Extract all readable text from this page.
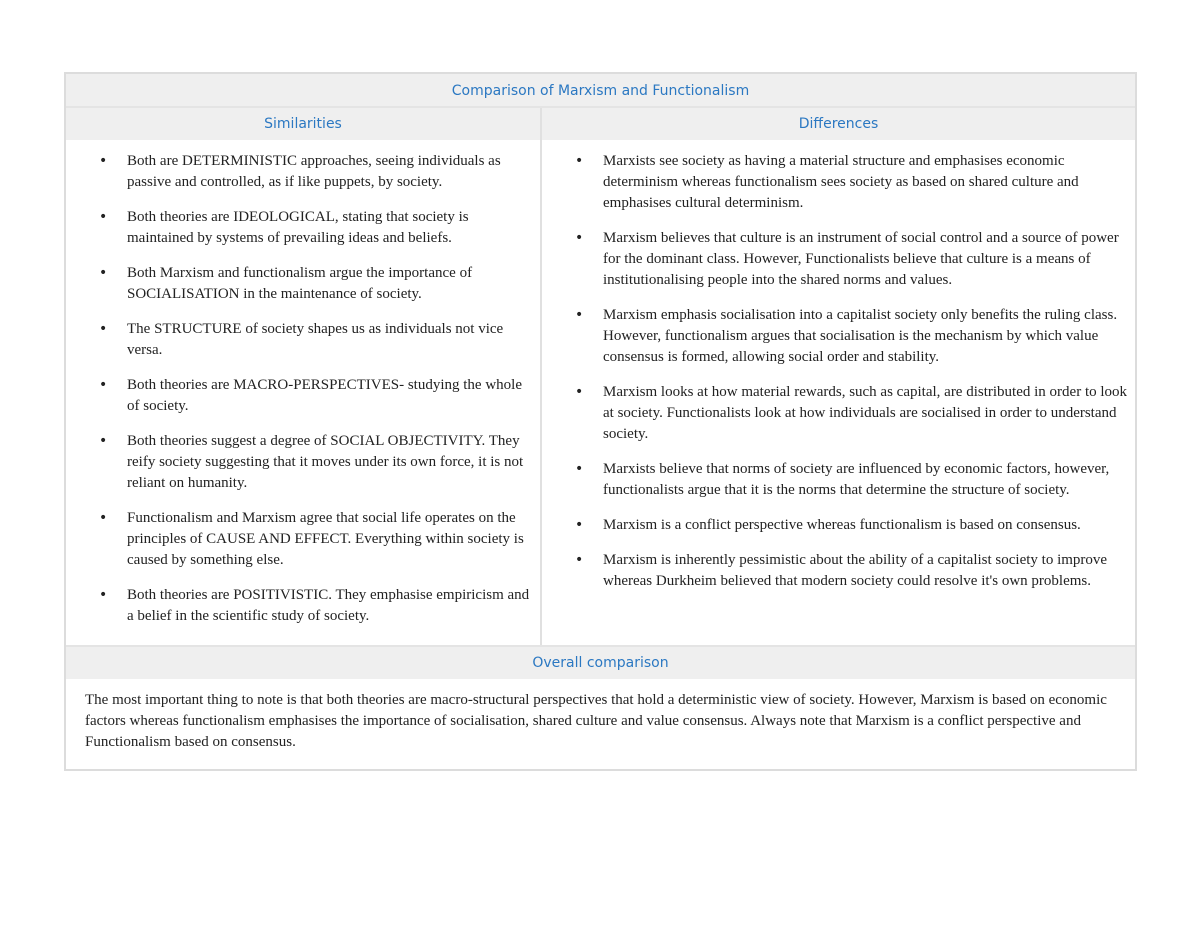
Comparison of Marxism and Functionalism
Similarities
• Both are DETERMINISTIC approaches, seeing individuals as passive and controlled, as if like puppets, by society.
• Both theories are IDEOLOGICAL, stating that society is maintained by systems of prevailing ideas and beliefs.
• Both Marxism and functionalism argue the importance of SOCIALISATION in the maintenance of society.
• The STRUCTURE of society shapes us as individuals not vice versa.
• Both theories are MACRO-PERSPECTIVES- studying the whole of society.
• Both theories suggest a degree of SOCIAL OBJECTIVITY. They reify society suggesting that it moves under its own force, it is not reliant on humanity.
• Functionalism and Marxism agree that social life operates on the principles of CAUSE AND EFFECT. Everything within society is caused by something else.
• Both theories are POSITIVISTIC. They emphasise empiricism and a belief in the scientific study of society.
Differences
• Marxists see society as having a material structure and emphasises economic determinism whereas functionalism sees society as based on shared culture and emphasises cultural determinism.
• Marxism believes that culture is an instrument of social control and a source of power for the dominant class. However, Functionalists believe that culture is a means of institutionalising people into the shared norms and values.
• Marxism emphasis socialisation into a capitalist society only benefits the ruling class. However, functionalism argues that socialisation is the mechanism by which value consensus is formed, allowing social order and stability.
• Marxism looks at how material rewards, such as capital, are distributed in order to look at society. Functionalists look at how individuals are socialised in order to understand society.
• Marxists believe that norms of society are influenced by economic factors, however, functionalists argue that it is the norms that determine the structure of society.
• Marxism is a conflict perspective whereas functionalism is based on consensus.
• Marxism is inherently pessimistic about the ability of a capitalist society to improve whereas Durkheim believed that modern society could resolve it's own problems.
Overall comparison
The most important thing to note is that both theories are macro-structural perspectives that hold a deterministic view of society. However, Marxism is based on economic factors whereas functionalism emphasises the importance of socialisation, shared culture and value consensus. Always note that Marxism is a conflict perspective and Functionalism based on consensus.
